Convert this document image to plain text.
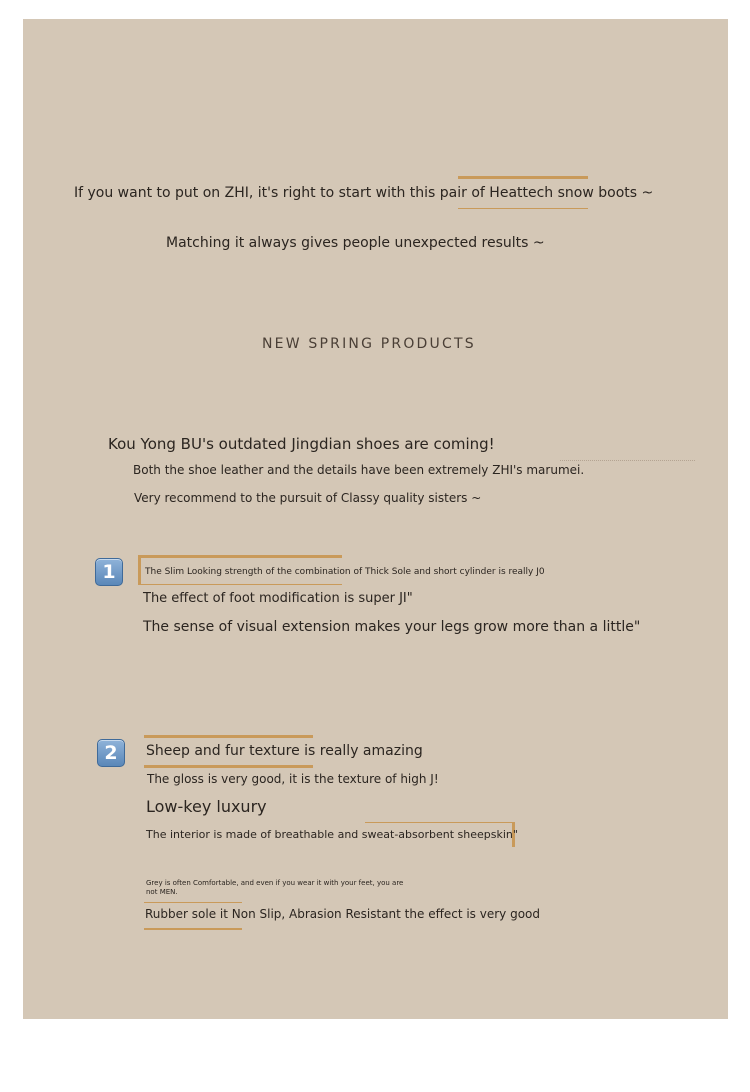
If you want to put on ZHI, it's right to start with this pair of Heattech snow boots ~
Matching it always gives people unexpected results ~
NEW SPRING PRODUCTS
Kou Yong BU's outdated Jingdian shoes are coming!
Both the shoe leather and the details have been extremely ZHI's marumei.
Very recommend to the pursuit of Classy quality sisters ~
1	The Slim Looking strength of the combination of Thick Sole and short cylinder is really J0
The effect of foot modification is super JI"
The sense of visual extension makes your legs grow more than a little"
2	Sheep and fur texture is really amazing
The gloss is very good, it is the texture of high J!
Low-key luxury
The interior is made of breathable and sweat-absorbent sheepskin"
Grey is often Comfortable, and even if you wear it with your feet, you are
not MEN.
Rubber sole it Non Slip, Abrasion Resistant the effect is very good
